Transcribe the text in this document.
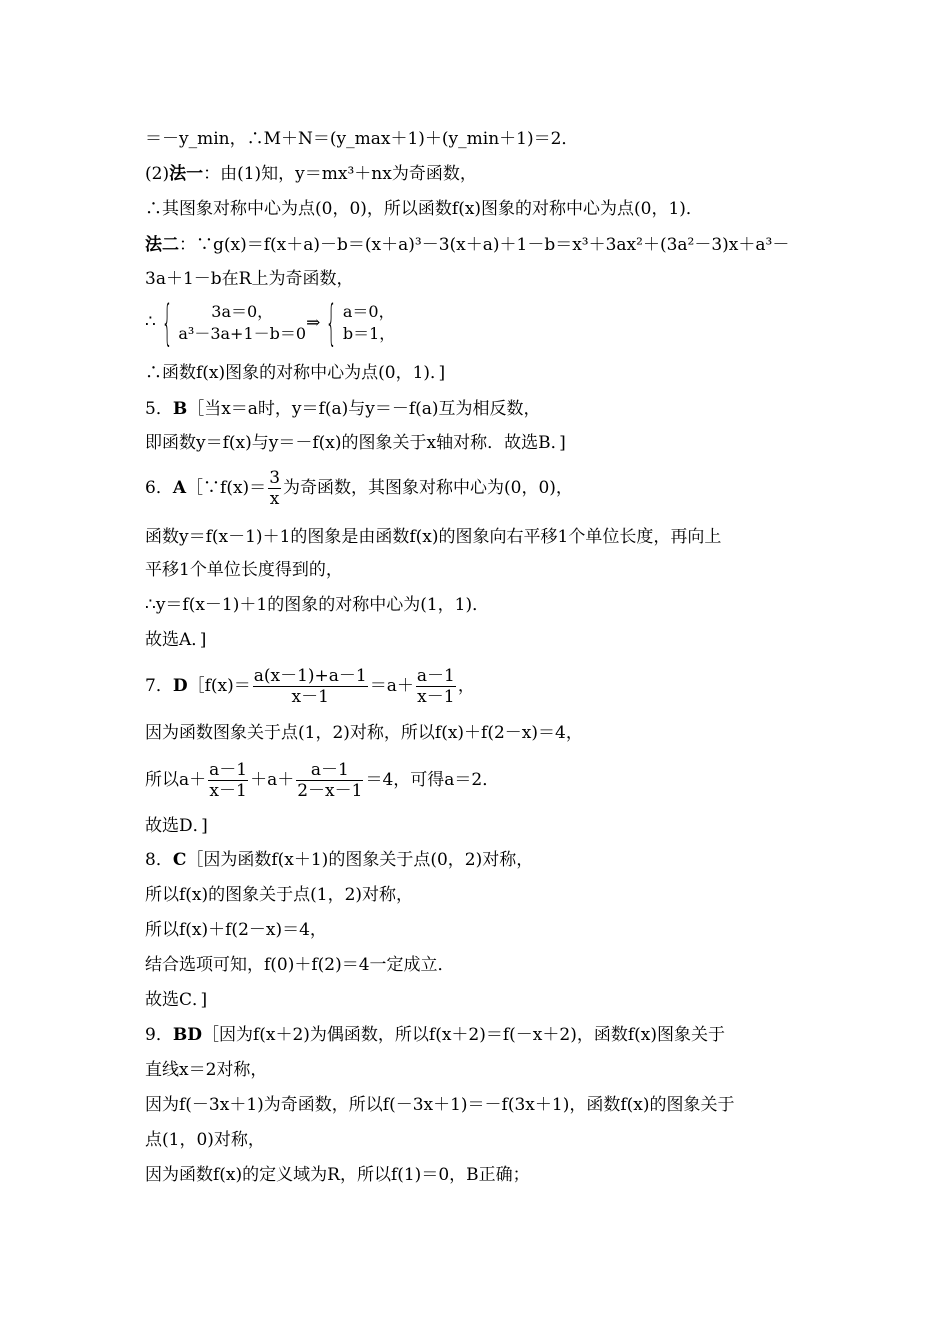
＝－y_min，∴M＋N＝(y_max＋1)＋(y_min＋1)＝2．
(2)法一：由(1)知，y＝mx³＋nx为奇函数，
∴其图象对称中心为点(0，0)，所以函数f(x)图象的对称中心为点(0，1)．
法二：∵g(x)＝f(x＋a)－b＝(x＋a)³－3(x＋a)＋1－b＝x³＋3ax²＋(3a²－3)x＋a³－
3a＋1－b在R上为奇函数，
∴ {	3a＝0，
a³－3a+1－b＝0
⇒ { a＝0，
b＝1，
∴函数f(x)图象的对称中心为点(0，1)．]
5．B［当x＝a时，y＝f(a)与y＝－f(a)互为相反数，
即函数y＝f(x)与y＝－f(x)的图象关于x轴对称．故选B．]
6．A［∵f(x)＝ $\frac{3}{x}$ 为奇函数，其图象对称中心为(0，0)，
函数y＝f(x－1)＋1的图象是由函数f(x)的图象向右平移1个单位长度，再向上
平移1个单位长度得到的，
∴y＝f(x－1)＋1的图象的对称中心为(1，1)．
故选A．]
7．D［f(x)＝ $\frac{a(x-1)+a-1}{x-1} =a+ \frac{a-1}{x-1}$ ，
因为函数图象关于点(1，2)对称，所以f(x)＋f(2－x)＝4，
所以$a+ \frac{a-1}{x-1} +a+ \frac{a-1}{2-x-1} =4$，可得a＝2．
故选D．]
8．C［因为函数f(x＋1)的图象关于点(0，2)对称，
所以f(x)的图象关于点(1，2)对称，
所以f(x)＋f(2－x)＝4，
结合选项可知，f(0)＋f(2)＝4一定成立．
故选C．]
9．BD［因为f(x＋2)为偶函数，所以f(x＋2)＝f(－x＋2)，函数f(x)图象关于
直线x＝2对称，
因为f(－3x＋1)为奇函数，所以f(－3x＋1)＝－f(3x＋1)，函数f(x)的图象关于
点(1，0)对称，
因为函数f(x)的定义域为R，所以f(1)＝0，B正确；
